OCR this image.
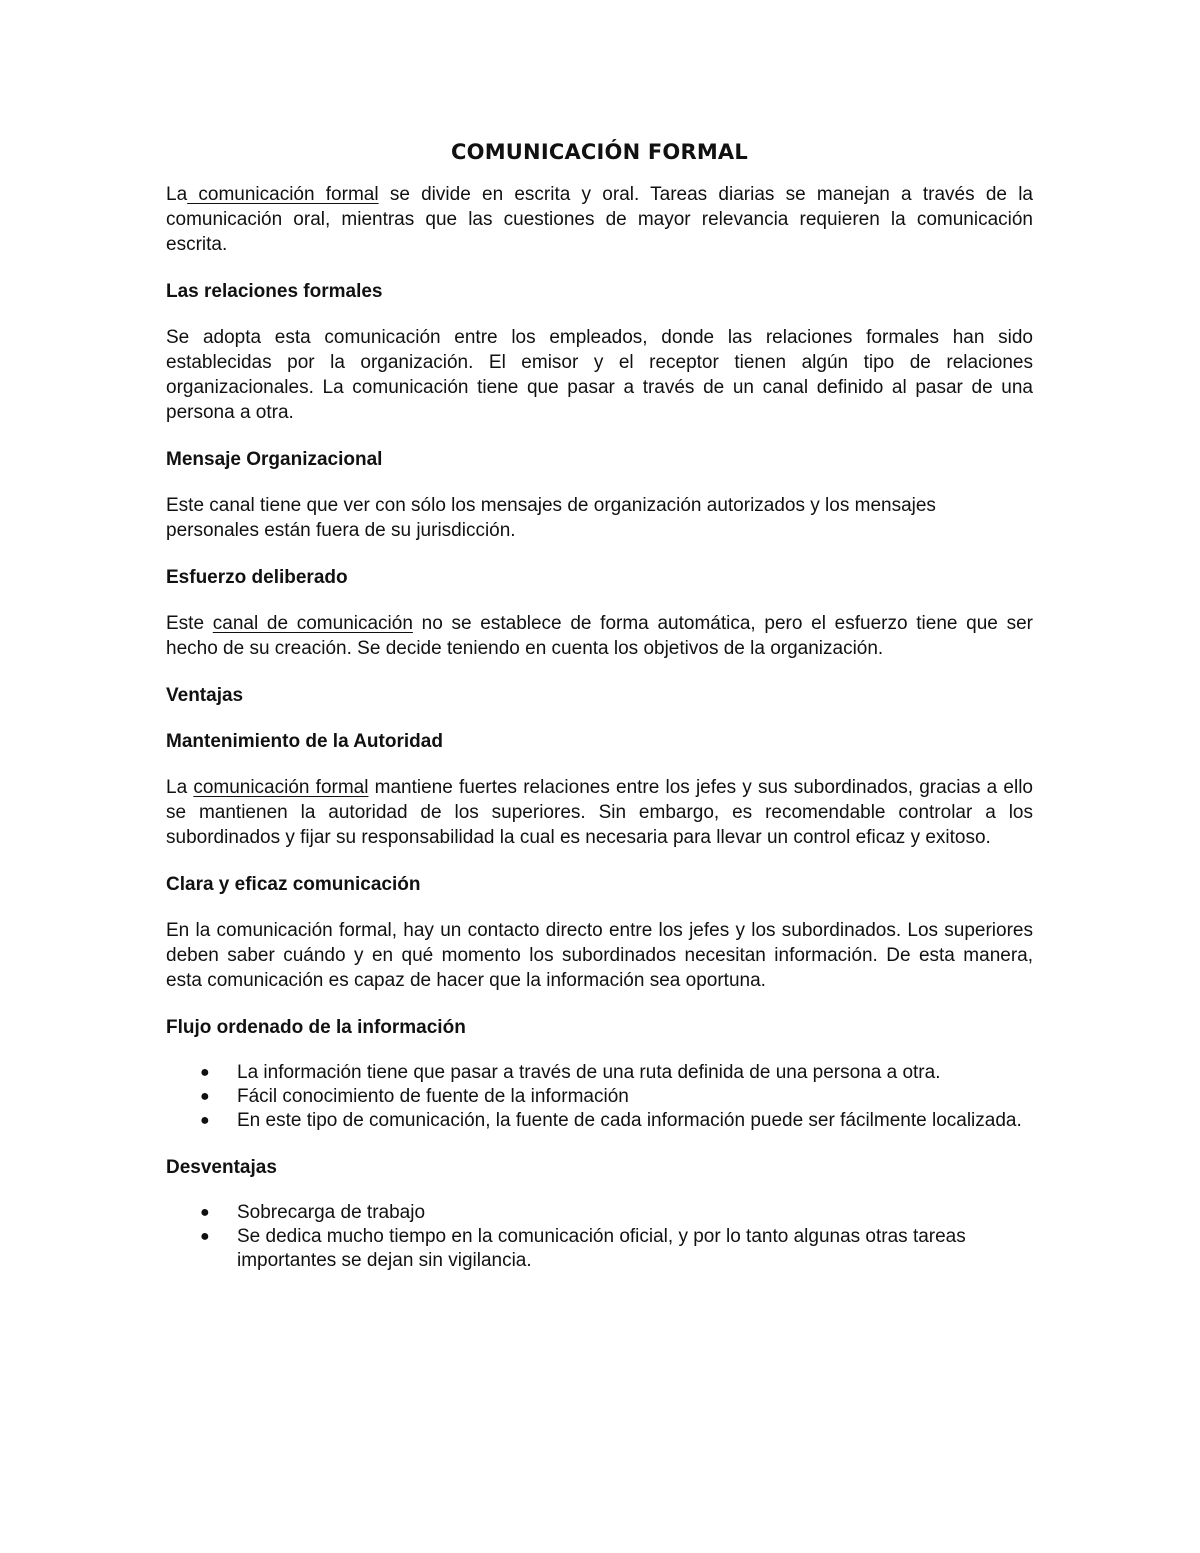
COMUNICACIÓN FORMAL

La comunicación formal se divide en escrita y oral. Tareas diarias se manejan a través de la comunicación oral, mientras que las cuestiones de mayor relevancia requieren la comunicación escrita.

Las relaciones formales

Se adopta esta comunicación entre los empleados, donde las relaciones formales han sido establecidas por la organización. El emisor y el receptor tienen algún tipo de relaciones organizacionales. La comunicación tiene que pasar a través de un canal definido al pasar de una persona a otra.

Mensaje Organizacional

Este canal tiene que ver con sólo los mensajes de organización autorizados y los mensajes personales están fuera de su jurisdicción.

Esfuerzo deliberado

Este canal de comunicación no se establece de forma automática, pero el esfuerzo tiene que ser hecho de su creación. Se decide teniendo en cuenta los objetivos de la organización.

Ventajas
Mantenimiento de la Autoridad

La comunicación formal mantiene fuertes relaciones entre los jefes y sus subordinados, gracias a ello se mantienen la autoridad de los superiores. Sin embargo, es recomendable controlar a los subordinados y fijar su responsabilidad la cual es necesaria para llevar un control eficaz y exitoso.

Clara y eficaz comunicación

En la comunicación formal, hay un contacto directo entre los jefes y los subordinados. Los superiores deben saber cuándo y en qué momento los subordinados necesitan información. De esta manera, esta comunicación es capaz de hacer que la información sea oportuna.

Flujo ordenado de la información
● La información tiene que pasar a través de una ruta definida de una persona a otra.
● Fácil conocimiento de fuente de la información
● En este tipo de comunicación, la fuente de cada información puede ser fácilmente localizada.
Desventajas
● Sobrecarga de trabajo
● Se dedica mucho tiempo en la comunicación oficial, y por lo tanto algunas otras tareas importantes se dejan sin vigilancia.
